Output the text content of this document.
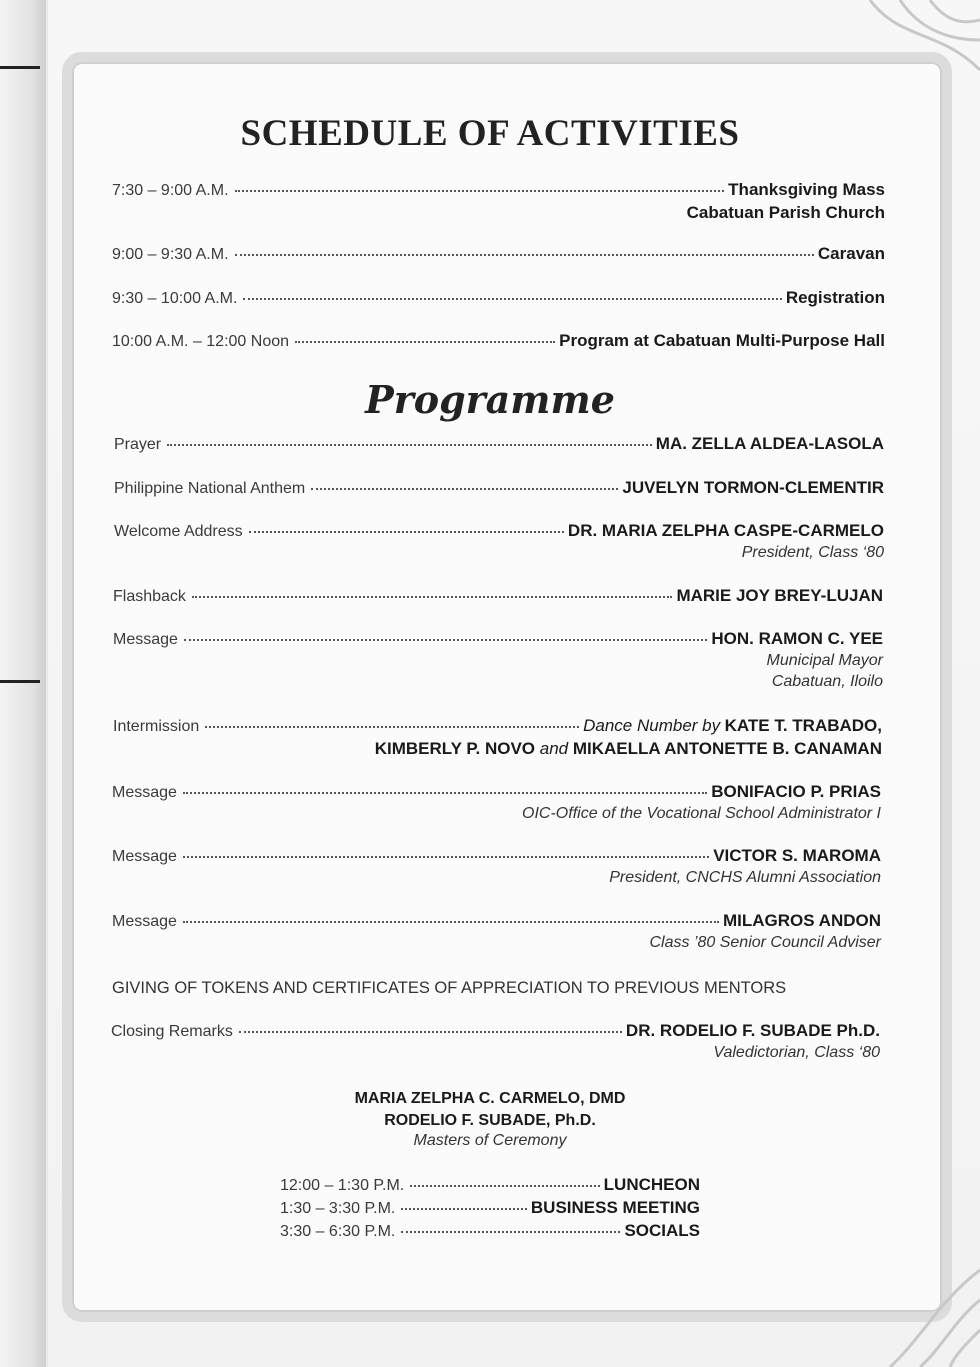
SCHEDULE OF ACTIVITIES
7:30 – 9:00 A.M.	Thanksgiving Mass
Cabatuan Parish Church
9:00 – 9:30 A.M.	Caravan
9:30 – 10:00 A.M.	Registration
10:00 A.M. – 12:00 Noon	Program at Cabatuan Multi-Purpose Hall
Programme
Prayer	MA. ZELLA ALDEA-LASOLA
Philippine National Anthem	JUVELYN TORMON-CLEMENTIR
Welcome Address	DR. MARIA ZELPHA CASPE-CARMELO
President, Class ‘80
Flashback	MARIE JOY BREY-LUJAN
Message	HON. RAMON C. YEE
Municipal Mayor
Cabatuan, Iloilo
Intermission	Dance Number by
KATE T. TRABADO,
KIMBERLY P. NOVO and MIKAELLA ANTONETTE B. CANAMAN
Message	BONIFACIO P. PRIAS
OIC-Office of the Vocational School Administrator I
Message	VICTOR S. MAROMA
President, CNCHS Alumni Association
Message	MILAGROS ANDON
Class ’80 Senior Council Adviser
GIVING OF TOKENS AND CERTIFICATES OF APPRECIATION TO PREVIOUS MENTORS
Closing Remarks	DR. RODELIO F. SUBADE Ph.D.
Valedictorian, Class ‘80
MARIA ZELPHA C. CARMELO, DMD
RODELIO F. SUBADE, Ph.D.
Masters of Ceremony
12:00 – 1:30 P.M.	LUNCHEON
1:30 – 3:30 P.M.	BUSINESS MEETING
3:30 – 6:30 P.M.	SOCIALS
